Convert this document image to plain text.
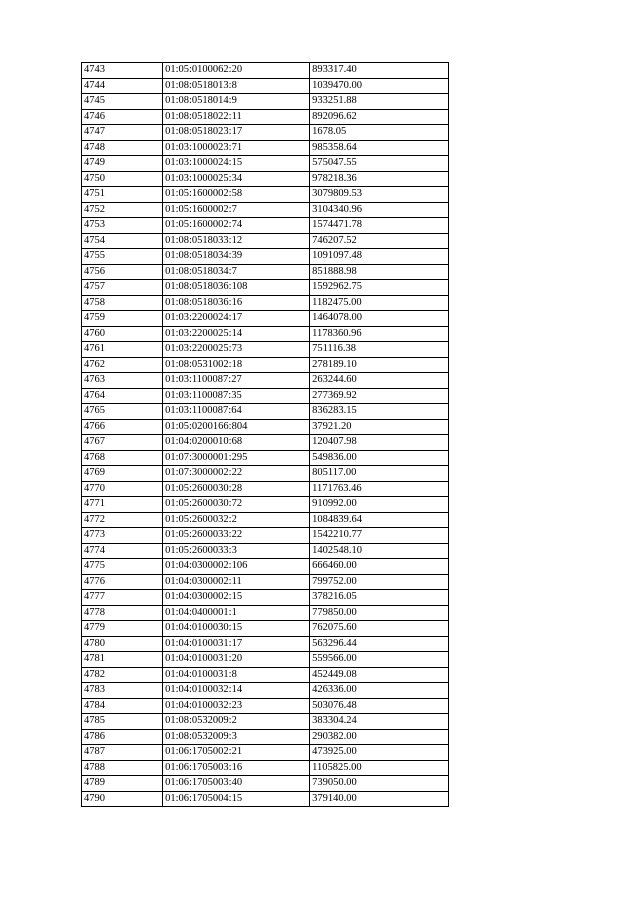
4743	01:05:0100062:20	893317.40
4744	01:08:0518013:8	1039470.00
4745	01:08:0518014:9	933251.88
4746	01:08:0518022:11	892096.62
4747	01:08:0518023:17	1678.05
4748	01:03:1000023:71	985358.64
4749	01:03:1000024:15	575047.55
4750	01:03:1000025:34	978218.36
4751	01:05:1600002:58	3079809.53
4752	01:05:1600002:7	3104340.96
4753	01:05:1600002:74	1574471.78
4754	01:08:0518033:12	746207.52
4755	01:08:0518034:39	1091097.48
4756	01:08:0518034:7	851888.98
4757	01:08:0518036:108	1592962.75
4758	01:08:0518036:16	1182475.00
4759	01:03:2200024:17	1464078.00
4760	01:03:2200025:14	1178360.96
4761	01:03:2200025:73	751116.38
4762	01:08:0531002:18	278189.10
4763	01:03:1100087:27	263244.60
4764	01:03:1100087:35	277369.92
4765	01:03:1100087:64	836283.15
4766	01:05:0200166:804	37921.20
4767	01:04:0200010:68	120407.98
4768	01:07:3000001:295	549836.00
4769	01:07:3000002:22	805117.00
4770	01:05:2600030:28	1171763.46
4771	01:05:2600030:72	910992.00
4772	01:05:2600032:2	1084839.64
4773	01:05:2600033:22	1542210.77
4774	01:05:2600033:3	1402548.10
4775	01:04:0300002:106	666460.00
4776	01:04:0300002:11	799752.00
4777	01:04:0300002:15	378216.05
4778	01:04:0400001:1	779850.00
4779	01:04:0100030:15	762075.60
4780	01:04:0100031:17	563296.44
4781	01:04:0100031:20	559566.00
4782	01:04:0100031:8	452449.08
4783	01:04:0100032:14	426336.00
4784	01:04:0100032:23	503076.48
4785	01:08:0532009:2	383304.24
4786	01:08:0532009:3	290382.00
4787	01:06:1705002:21	473925.00
4788	01:06:1705003:16	1105825.00
4789	01:06:1705003:40	739050.00
4790	01:06:1705004:15	379140.00
